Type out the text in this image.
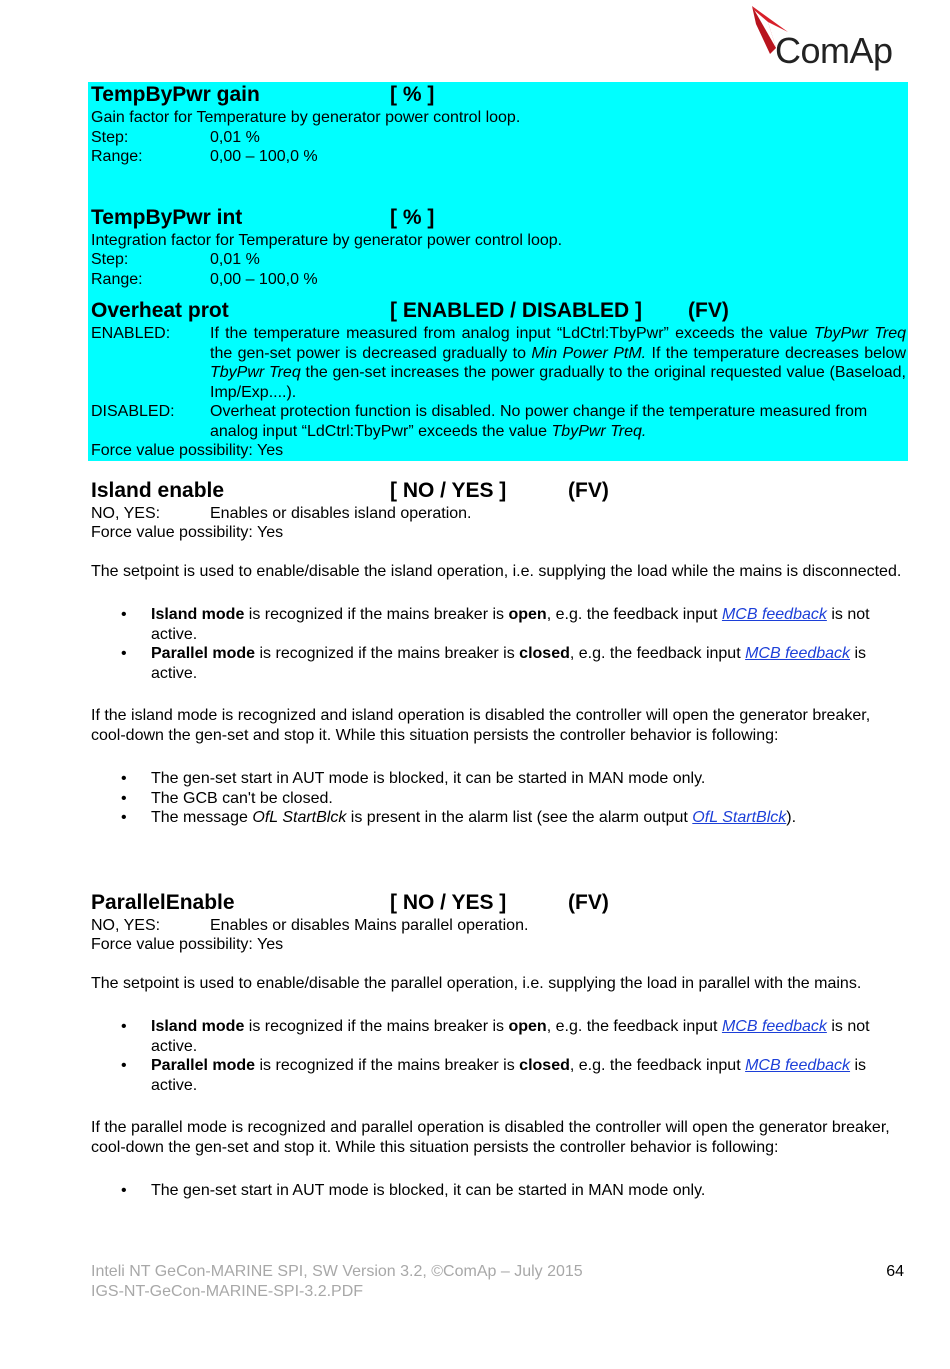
ComAp
TempByPwr gain	[ % ]

Gain factor for Temperature by generator power control loop.

Step:	0,01 %
Range:	0,00 – 100,0 %
TempByPwr int	[ % ]

Integration factor for Temperature by generator power control loop.

Step:	0,01 %
Range:	0,00 – 100,0 %
Overheat prot	[ ENABLED / DISABLED ] (FV)
ENABLED: If the temperature measured from analog input “LdCtrl:TbyPwr” exceeds the value TbyPwr Treq the gen-set power is decreased gradually to Min Power PtM. If the temperature decreases below TbyPwr Treq the gen-set increases the power gradually to the original requested value (Baseload, Imp/Exp....).
DISABLED: Overheat protection function is disabled. No power change if the temperature measured from analog input “LdCtrl:TbyPwr” exceeds the value TbyPwr Treq.

Force value possibility: Yes

Island enable	[ NO / YES ]	(FV)
NO, YES:	Enables or disables island operation.

Force value possibility: Yes

The setpoint is used to enable/disable the island operation, i.e. supplying the load while the mains is disconnected.

• Island mode is recognized if the mains breaker is open, e.g. the feedback input MCB feedback is not active.
• Parallel mode is recognized if the mains breaker is closed, e.g. the feedback input MCB feedback is active.

If the island mode is recognized and island operation is disabled the controller will open the generator breaker, cool-down the gen-set and stop it. While this situation persists the controller behavior is following:

• The gen-set start in AUT mode is blocked, it can be started in MAN mode only.
• The GCB can't be closed.
• The message OfL StartBlck is present in the alarm list (see the alarm output OfL StartBlck).
ParallelEnable	[ NO / YES ]	(FV)
NO, YES:	Enables or disables Mains parallel operation.

Force value possibility: Yes

The setpoint is used to enable/disable the parallel operation, i.e. supplying the load in parallel with the mains.

• Island mode is recognized if the mains breaker is open, e.g. the feedback input MCB feedback is not active.
• Parallel mode is recognized if the mains breaker is closed, e.g. the feedback input MCB feedback is active.

If the parallel mode is recognized and parallel operation is disabled the controller will open the generator breaker, cool-down the gen-set and stop it. While this situation persists the controller behavior is following:

• The gen-set start in AUT mode is blocked, it can be started in MAN mode only.
Inteli NT GeCon-MARINE SPI, SW Version 3.2, ©ComAp – July 2015
IGS-NT-GeCon-MARINE-SPI-3.2.PDF
64
